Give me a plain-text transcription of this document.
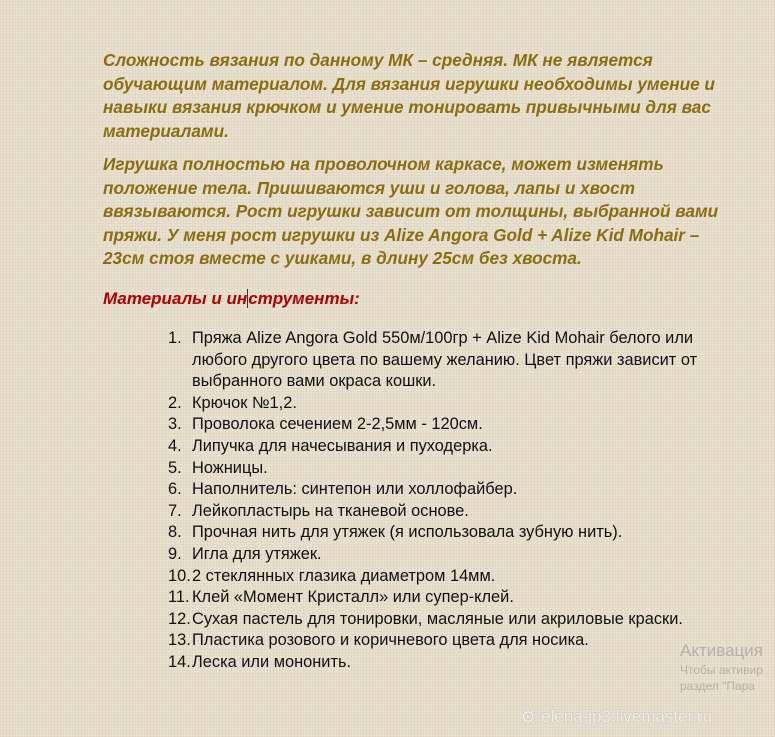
Сложность вязания по данному МК – средняя. МК не является обучающим материалом. Для вязания игрушки необходимы умение и навыки вязания крючком и умение тонировать привычными для вас материалами.

Игрушка полностью на проволочном каркасе, может изменять положение тела. Пришиваются уши и голова, лапы и хвост ввязываются. Рост игрушки зависит от толщины, выбранной вами пряжи. У меня рост игрушки из Alize Angora Gold + Alize Kid Mohair – 23см стоя вместе с ушками, в длину 25см без хвоста.

Материалы и инструменты:

1. Пряжа Alize Angora Gold 550м/100гр + Alize Kid Mohair белого или любого другого цвета по вашему желанию. Цвет пряжи зависит от выбранного вами окраса кошки.
2. Крючок №1,2.
3. Проволока сечением 2-2,5мм - 120см.
4. Липучка для начесывания и пуходерка.
5. Ножницы.
6. Наполнитель: синтепон или холлофайбер.
7. Лейкопластырь на тканевой основе.
8. Прочная нить для утяжек (я использовала зубную нить).
9. Игла для утяжек.
10. 2 стеклянных глазика диаметром 14мм.
11. Клей «Момент Кристалл» или супер-клей.
12. Сухая пастель для тонировки, масляные или акриловые краски.
13. Пластика розового и коричневого цвета для носика.
14. Леска или мононить.
Активация
Чтобы активир
раздел "Пара
⚙ elena-jp3.livemaster.ru
